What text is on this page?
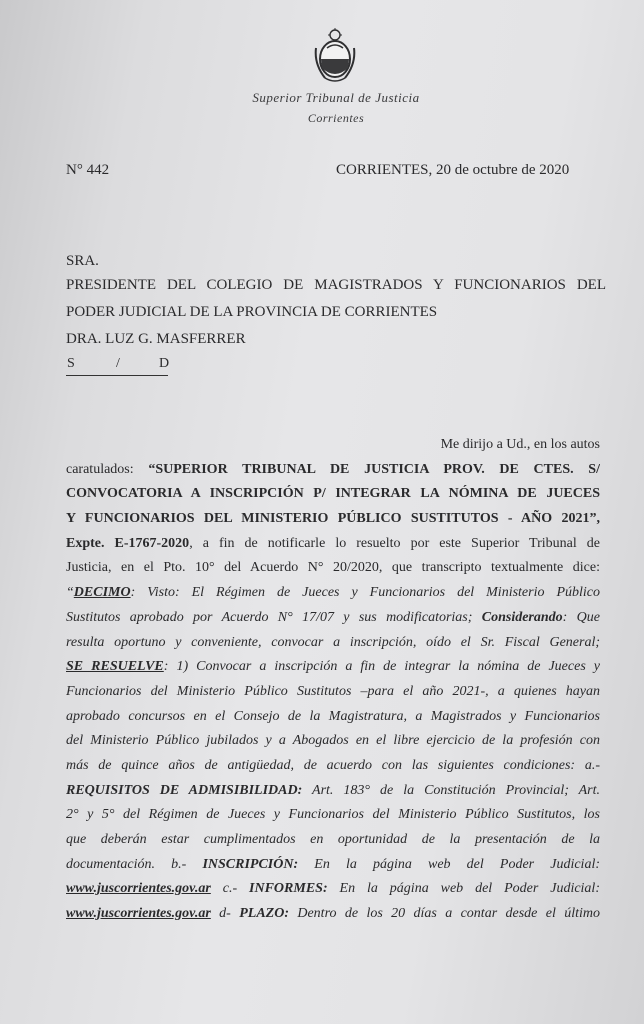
Superior Tribunal de Justicia
Corrientes
N° 442	CORRIENTES, 20 de octubre de 2020
SRA.
PRESIDENTE DEL COLEGIO DE MAGISTRADOS Y FUNCIONARIOS DEL
PODER JUDICIAL DE LA PROVINCIA DE CORRIENTES
DRA. LUZ G. MASFERRER
S	/	D
Me dirijo a Ud., en los autos
caratulados: “SUPERIOR TRIBUNAL DE JUSTICIA PROV. DE CTES. S/
CONVOCATORIA A INSCRIPCIÓN P/ INTEGRAR LA NÓMINA DE JUECES
Y FUNCIONARIOS DEL MINISTERIO PÚBLICO SUSTITUTOS - AÑO 2021”,
Expte. E-1767-2020, a fin de notificarle lo resuelto por este Superior Tribunal de
Justicia, en el Pto. 10° del Acuerdo N° 20/2020, que transcripto textualmente dice:
“DECIMO: Visto: El Régimen de Jueces y Funcionarios del Ministerio Público
Sustitutos aprobado por Acuerdo N° 17/07 y sus modificatorias; Considerando: Que
resulta oportuno y conveniente, convocar a inscripción, oído el Sr. Fiscal General;
SE RESUELVE: 1) Convocar a inscripción a fin de integrar la nómina de Jueces y
Funcionarios del Ministerio Público Sustitutos –para el año 2021-, a quienes hayan
aprobado concursos en el Consejo de la Magistratura, a Magistrados y Funcionarios
del Ministerio Público jubilados y a Abogados en el libre ejercicio de la profesión con
más de quince años de antigüedad, de acuerdo con las siguientes condiciones: a.-
REQUISITOS DE ADMISIBILIDAD: Art. 183° de la Constitución Provincial; Art.
2° y 5° del Régimen de Jueces y Funcionarios del Ministerio Público Sustitutos, los
que deberán estar cumplimentados en oportunidad de la presentación de la
documentación. b.- INSCRIPCIÓN: En la página web del Poder Judicial:
www.juscorrientes.gov.ar c.- INFORMES: En la página web del Poder Judicial:
www.juscorrientes.gov.ar d- PLAZO: Dentro de los 20 días a contar desde el último
